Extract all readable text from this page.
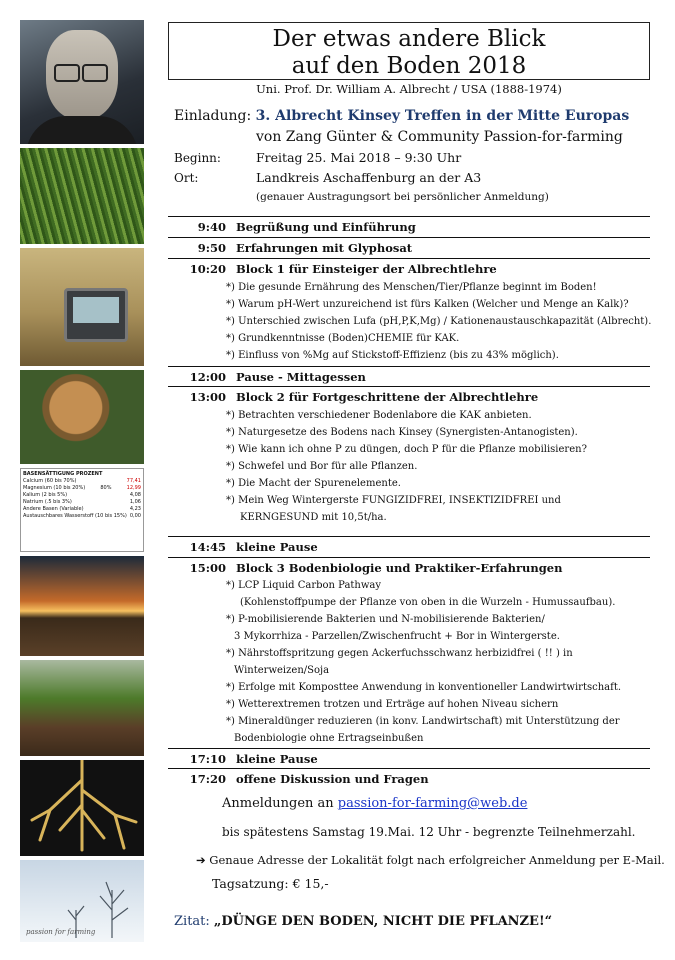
BASENSÄTTIGUNG PROZENT
Calcium (60 bis 70%)	77,41
Magnesium (10 bis 20%)	80%	12,99
Kalium (2 bis 5%)	4,08
Natrium (.5 bis 3%)	1,06
Andere Basen (Variable)	4,23
Austauschbares Wasserstoff (10 bis 15%) 0,00
passion for farming
Der etwas andere Blick
auf den Boden 2018
Uni. Prof. Dr. William A. Albrecht / USA (1888-1974)
Einladung: 3. Albrecht Kinsey Treffen in der Mitte Europas
von Zang Günter & Community Passion-for-farming
Beginn:	Freitag 25. Mai 2018 – 9:30 Uhr
Ort:	Landkreis Aschaffenburg an der A3
(genauer Austragungsort bei persönlicher Anmeldung)
9:40 Begrüßung und Einführung
9:50 Erfahrungen mit Glyphosat
10:20 Block 1 für Einsteiger der Albrechtlehre
*) Die gesunde Ernährung des Menschen/Tier/Pflanze beginnt im Boden!
*) Warum pH-Wert unzureichend ist fürs Kalken (Welcher und Menge an Kalk)?
*) Unterschied zwischen Lufa (pH,P,K,Mg) / Kationenaustauschkapazität (Albrecht).
*) Grundkenntnisse (Boden)CHEMIE für KAK.
*) Einfluss von %Mg auf Stickstoff-Effizienz (bis zu 43% möglich).
12:00 Pause - Mittagessen
13:00 Block 2 für Fortgeschrittene der Albrechtlehre
*) Betrachten verschiedener Bodenlabore die KAK anbieten.
*) Naturgesetze des Bodens nach Kinsey (Synergisten-Antanogisten).
*) Wie kann ich ohne P zu düngen, doch P für die Pflanze mobilisieren?
*) Schwefel und Bor für alle Pflanzen.
*) Die Macht der Spurenelemente.
*) Mein Weg Wintergerste FUNGIZIDFREI, INSEKTIZIDFREI und
KERNGESUND mit 10,5t/ha.
14:45 kleine Pause
15:00 Block 3 Bodenbiologie und Praktiker-Erfahrungen
*) LCP Liquid Carbon Pathway
(Kohlenstoffpumpe der Pflanze von oben in die Wurzeln - Humussaufbau).
*) P-mobilisierende Bakterien und N-mobilisierende Bakterien/
3 Mykorrhiza - Parzellen/Zwischenfrucht + Bor in Wintergerste.
*) Nährstoffspritzung gegen Ackerfuchsschwanz herbizidfrei ( !! ) in
Winterweizen/Soja
*) Erfolge mit Komposttee Anwendung in konventioneller Landwirtwirtschaft.
*) Wetterextremen trotzen und Erträge auf hohen Niveau sichern
*) Mineraldünger reduzieren (in konv. Landwirtschaft) mit Unterstützung der
Bodenbiologie ohne Ertragseinbußen
17:10 kleine Pause
17:20 offene Diskussion und Fragen
Anmeldungen an passion-for-farming@web.de
bis spätestens Samstag 19.Mai. 12 Uhr - begrenzte Teilnehmerzahl.
➔ Genaue Adresse der Lokalität folgt nach erfolgreicher Anmeldung per E-Mail.
Tagsatzung: € 15,-
Zitat: „DÜNGE DEN BODEN, NICHT DIE PFLANZE!“
